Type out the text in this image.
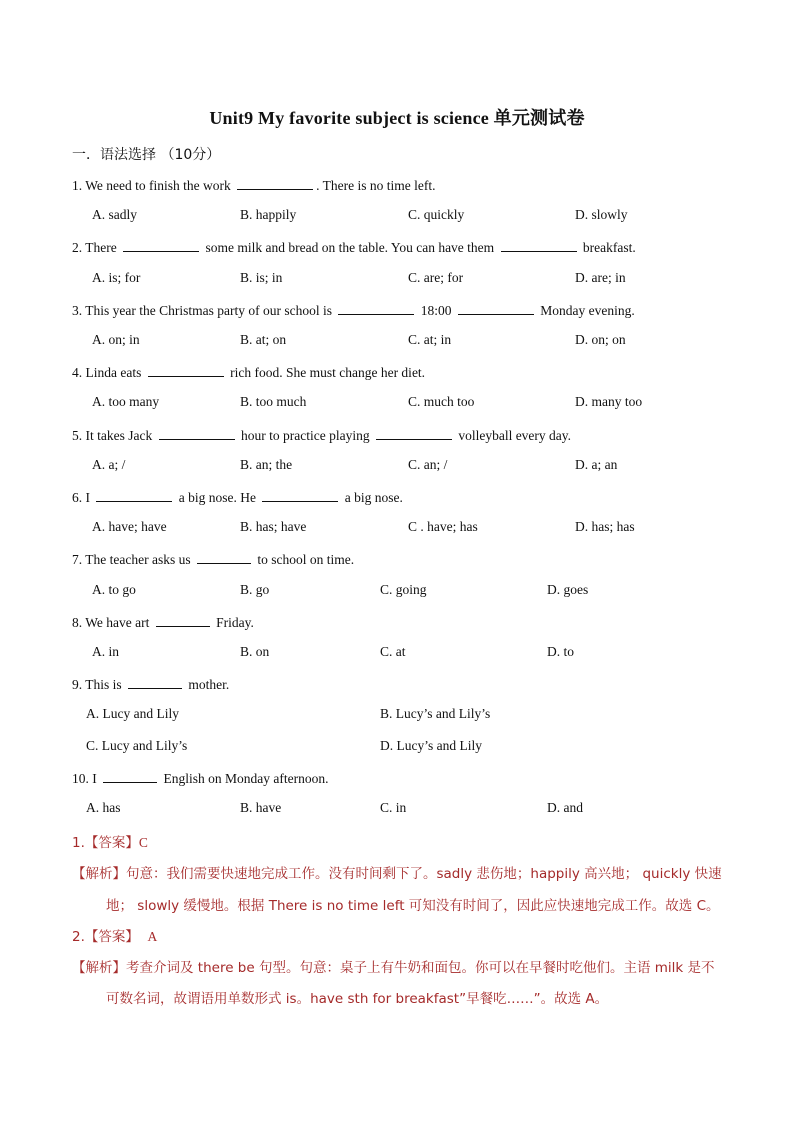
Unit9 My favorite subject is science 单元测试卷
一．语法选择 （10分）
1. We need to finish the work	. There is no time left.
A. sadly	B. happily	C. quickly	D. slowly
2. There	some milk and bread on the table. You can have them	breakfast.
A. is; for	B. is; in	C. are; for	D. are; in
3. This year the Christmas party of our school is	18:00	Monday evening.
A. on; in	B. at; on	C. at; in	D. on; on
4. Linda eats	rich food. She must change her diet.
A. too many	B. too much	C. much too	D. many too
5. It takes Jack	hour to practice playing	volleyball every day.
A. a; /	B. an; the	C. an; /	D. a; an
6. I	a big nose. He	a big nose.
A. have; have	B. has; have	C . have; has	D. has; has
7. The teacher asks us	to school on time.
A. to go	B. go	C. going	D. goes
8. We have art	Friday.
A. in	B. on	C. at	D. to
9. This is	mother.
A. Lucy and Lily	B. Lucy’s and Lily’s
C. Lucy and Lily’s	D. Lucy’s and Lily
10. I	English on Monday afternoon.
A. has	B. have	C. in	D. and
1.【答案】C
【解析】句意：我们需要快速地完成工作。没有时间剩下了。sadly 悲伤地；happily 高兴地； quickly 快速
地； slowly 缓慢地。根据 There is no time left 可知没有时间了，因此应快速地完成工作。故选 C。
2.【答案】 A
【解析】考查介词及 there be 句型。句意：桌子上有牛奶和面包。你可以在早餐时吃他们。主语 milk 是不
可数名词，故谓语用单数形式 is。have sth for breakfast”早餐吃……”。故选 A。
